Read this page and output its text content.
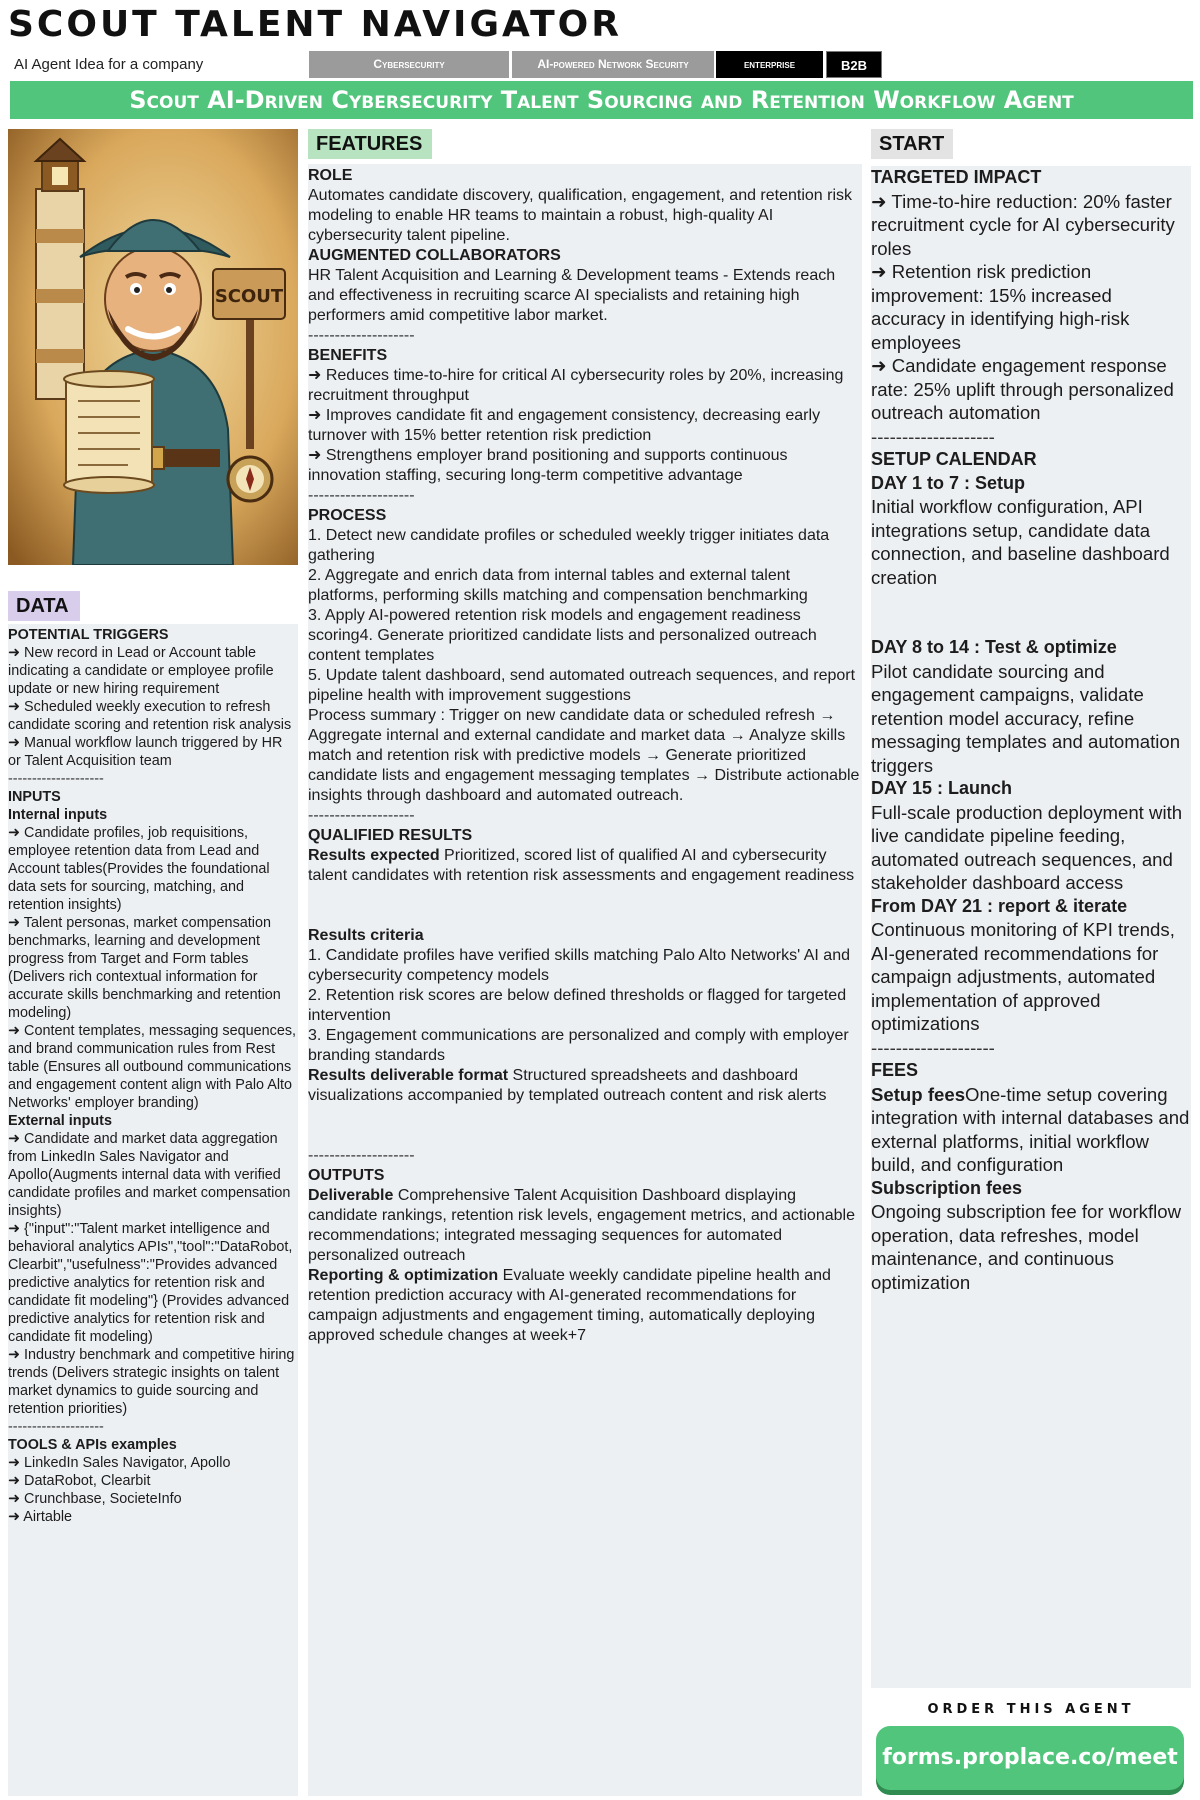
SCOUT TALENT NAVIGATOR
AI Agent Idea for a company	Cybersecurity	AI-powered Network Security	enterprise	B2B
Scout AI-Driven Cybersecurity Talent Sourcing and Retention Workflow Agent
SCOUT
DATA

POTENTIAL TRIGGERS

➜ New record in Lead or Account table indicating a candidate or employee profile update or new hiring requirement

➜ Scheduled weekly execution to refresh candidate scoring and retention risk analysis

➜ Manual workflow launch triggered by HR or Talent Acquisition team

--------------------

INPUTS

Internal inputs

➜ Candidate profiles, job requisitions, employee retention data from Lead and Account tables(Provides the foundational data sets for sourcing, matching, and retention insights)

➜ Talent personas, market compensation benchmarks, learning and development progress from Target and Form tables (Delivers rich contextual information for accurate skills benchmarking and retention modeling)

➜ Content templates, messaging sequences, and brand communication rules from Rest table (Ensures all outbound communications and engagement content align with Palo Alto Networks' employer branding)

External inputs

➜ Candidate and market data aggregation from LinkedIn Sales Navigator and Apollo(Augments internal data with verified candidate profiles and market compensation insights)

➜ {"input":"Talent market intelligence and behavioral analytics APIs","tool":"DataRobot, Clearbit","usefulness":"Provides advanced predictive analytics for retention risk and candidate fit modeling"} (Provides advanced predictive analytics for retention risk and candidate fit modeling)

➜ Industry benchmark and competitive hiring trends (Delivers strategic insights on talent market dynamics to guide sourcing and retention priorities)

--------------------

TOOLS & APIs examples

➜ LinkedIn Sales Navigator, Apollo

➜ DataRobot, Clearbit

➜ Crunchbase, SocieteInfo

➜ Airtable

FEATURES

ROLE

Automates candidate discovery, qualification, engagement, and retention risk modeling to enable HR teams to maintain a robust, high-quality AI cybersecurity talent pipeline.

AUGMENTED COLLABORATORS

HR Talent Acquisition and Learning & Development teams - Extends reach and effectiveness in recruiting scarce AI specialists and retaining high performers amid competitive labor market.

--------------------

BENEFITS

➜ Reduces time-to-hire for critical AI cybersecurity roles by 20%, increasing recruitment throughput

➜ Improves candidate fit and engagement consistency, decreasing early turnover with 15% better retention risk prediction

➜ Strengthens employer brand positioning and supports continuous innovation staffing, securing long-term competitive advantage

--------------------

PROCESS

1. Detect new candidate profiles or scheduled weekly trigger initiates data gathering

2. Aggregate and enrich data from internal tables and external talent platforms, performing skills matching and compensation benchmarking

3. Apply AI-powered retention risk models and engagement readiness scoring4. Generate prioritized candidate lists and personalized outreach content templates

5. Update talent dashboard, send automated outreach sequences, and report pipeline health with improvement suggestions

Process summary : Trigger on new candidate data or scheduled refresh → Aggregate internal and external candidate and market data → Analyze skills match and retention risk with predictive models → Generate prioritized candidate lists and engagement messaging templates → Distribute actionable insights through dashboard and automated outreach.

--------------------

QUALIFIED RESULTS

Results expected Prioritized, scored list of qualified AI and cybersecurity talent candidates with retention risk assessments and engagement readiness

Results criteria

1. Candidate profiles have verified skills matching Palo Alto Networks' AI and cybersecurity competency models

2. Retention risk scores are below defined thresholds or flagged for targeted intervention

3. Engagement communications are personalized and comply with employer branding standards

Results deliverable format Structured spreadsheets and dashboard visualizations accompanied by templated outreach content and risk alerts

--------------------

OUTPUTS

Deliverable Comprehensive Talent Acquisition Dashboard displaying candidate rankings, retention risk levels, engagement metrics, and actionable recommendations; integrated messaging sequences for automated personalized outreach

Reporting & optimization Evaluate weekly candidate pipeline health and retention prediction accuracy with AI-generated recommendations for campaign adjustments and engagement timing, automatically deploying approved schedule changes at week+7

START

TARGETED IMPACT

➜ Time-to-hire reduction: 20% faster recruitment cycle for AI cybersecurity roles

➜ Retention risk prediction improvement: 15% increased accuracy in identifying high-risk employees

➜ Candidate engagement response rate: 25% uplift through personalized outreach automation

--------------------

SETUP CALENDAR

DAY 1 to 7 : Setup

Initial workflow configuration, API integrations setup, candidate data connection, and baseline dashboard creation

DAY 8 to 14 : Test & optimize

Pilot candidate sourcing and engagement campaigns, validate retention model accuracy, refine messaging templates and automation triggers

DAY 15 : Launch

Full-scale production deployment with live candidate pipeline feeding, automated outreach sequences, and stakeholder dashboard access

From DAY 21 : report & iterate

Continuous monitoring of KPI trends, AI-generated recommendations for campaign adjustments, automated implementation of approved optimizations

--------------------

FEES

Setup feesOne-time setup covering integration with internal databases and external platforms, initial workflow build, and configuration

Subscription fees

Ongoing subscription fee for workflow operation, data refreshes, model maintenance, and continuous optimization

ORDER THIS AGENT
forms.proplace.co/meet
